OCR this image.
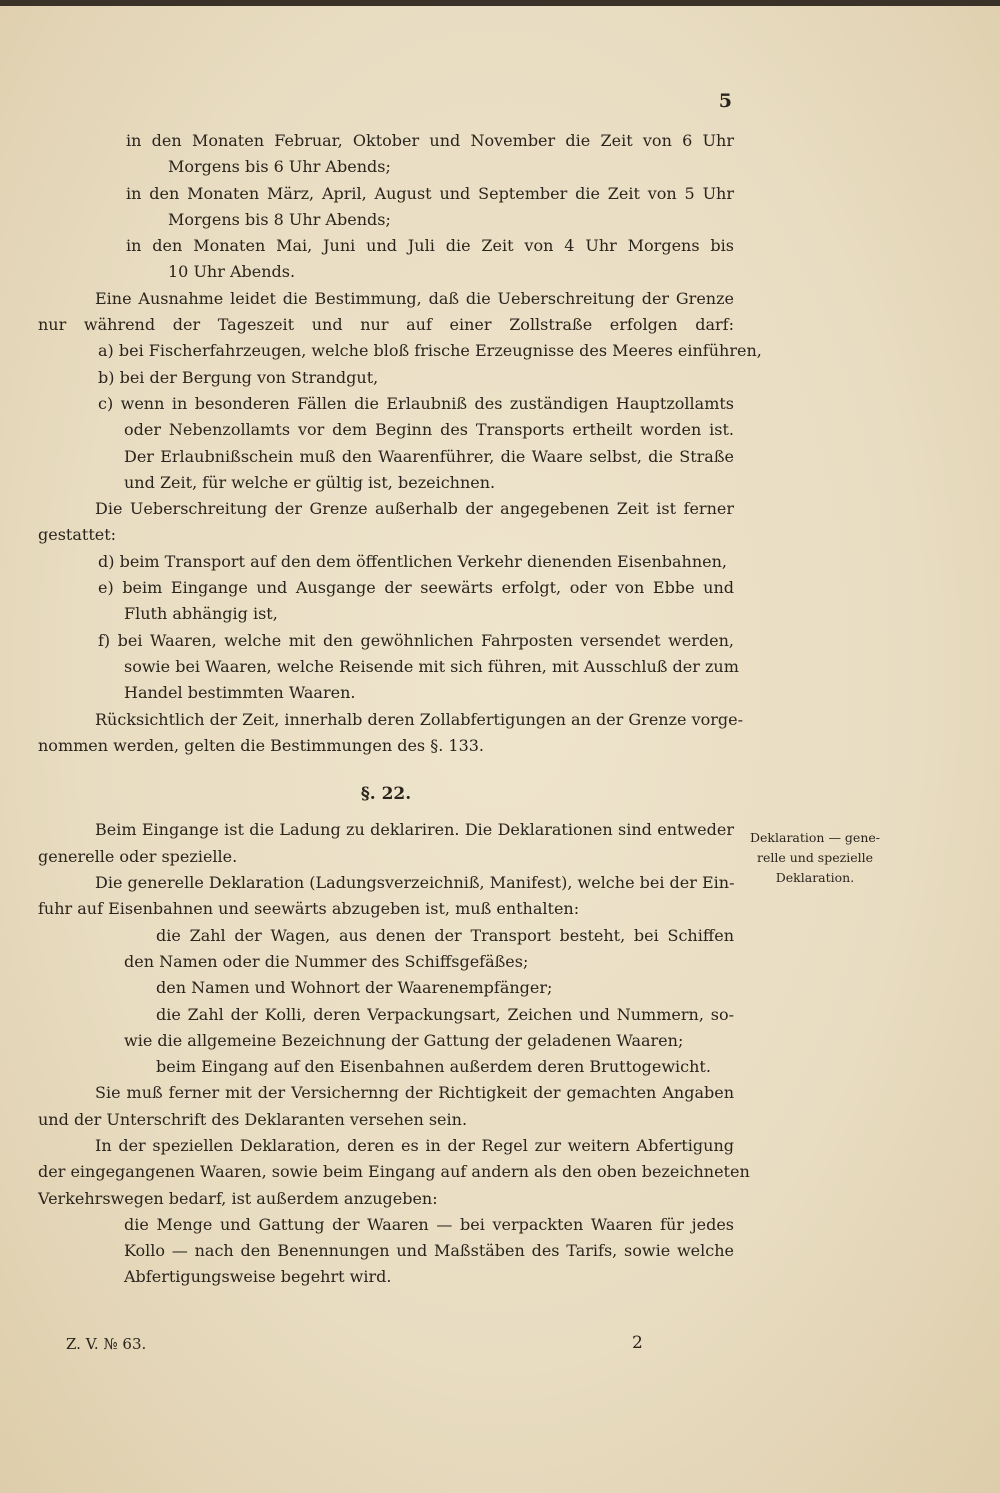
5
in den Monaten Februar, Oktober und November die Zeit von 6 Uhr
Morgens bis 6 Uhr Abends;
in den Monaten März, April, August und September die Zeit von 5 Uhr
Morgens bis 8 Uhr Abends;
in den Monaten Mai, Juni und Juli die Zeit von 4 Uhr Morgens bis
10 Uhr Abends.
Eine Ausnahme leidet die Bestimmung, daß die Ueberschreitung der Grenze
nur während der Tageszeit und nur auf einer Zollstraße erfolgen darf:
a) bei Fischerfahrzeugen, welche bloß frische Erzeugnisse des Meeres einführen,
b) bei der Bergung von Strandgut,
c) wenn in besonderen Fällen die Erlaubniß des zuständigen Hauptzollamts
oder Nebenzollamts vor dem Beginn des Transports ertheilt worden ist.
Der Erlaubnißschein muß den Waarenführer, die Waare selbst, die Straße
und Zeit, für welche er gültig ist, bezeichnen.
Die Ueberschreitung der Grenze außerhalb der angegebenen Zeit ist ferner
gestattet:
d) beim Transport auf den dem öffentlichen Verkehr dienenden Eisenbahnen,
e) beim Eingange und Ausgange der seewärts erfolgt, oder von Ebbe und
Fluth abhängig ist,
f) bei Waaren, welche mit den gewöhnlichen Fahrposten versendet werden,
sowie bei Waaren, welche Reisende mit sich führen, mit Ausschluß der zum
Handel bestimmten Waaren.
Rücksichtlich der Zeit, innerhalb deren Zollabfertigungen an der Grenze vorge-
nommen werden, gelten die Bestimmungen des §. 133.
§. 22.
Beim Eingange ist die Ladung zu deklariren. Die Deklarationen sind entweder
generelle oder spezielle.
Die generelle Deklaration (Ladungsverzeichniß, Manifest), welche bei der Ein-
fuhr auf Eisenbahnen und seewärts abzugeben ist, muß enthalten:
die Zahl der Wagen, aus denen der Transport besteht, bei Schiffen
den Namen oder die Nummer des Schiffsgefäßes;
den Namen und Wohnort der Waarenempfänger;
die Zahl der Kolli, deren Verpackungsart, Zeichen und Nummern, so-
wie die allgemeine Bezeichnung der Gattung der geladenen Waaren;
beim Eingang auf den Eisenbahnen außerdem deren Bruttogewicht.
Sie muß ferner mit der Versichernng der Richtigkeit der gemachten Angaben
und der Unterschrift des Deklaranten versehen sein.
In der speziellen Deklaration, deren es in der Regel zur weitern Abfertigung
der eingegangenen Waaren, sowie beim Eingang auf andern als den oben bezeichneten
Verkehrswegen bedarf, ist außerdem anzugeben:
die Menge und Gattung der Waaren — bei verpackten Waaren für jedes
Kollo — nach den Benennungen und Maßstäben des Tarifs, sowie welche
Abfertigungsweise begehrt wird.
Deklaration — gene-
relle und spezielle
Deklaration.
Z. V. № 63.	2
